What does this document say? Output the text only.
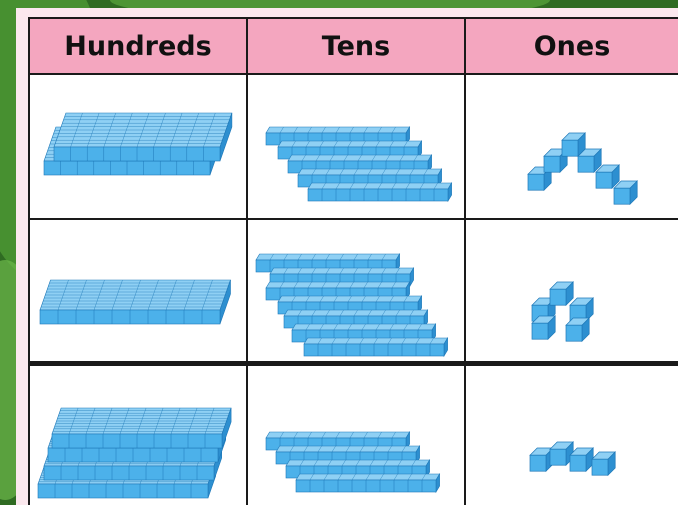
Hundreds	Tens	Ones
